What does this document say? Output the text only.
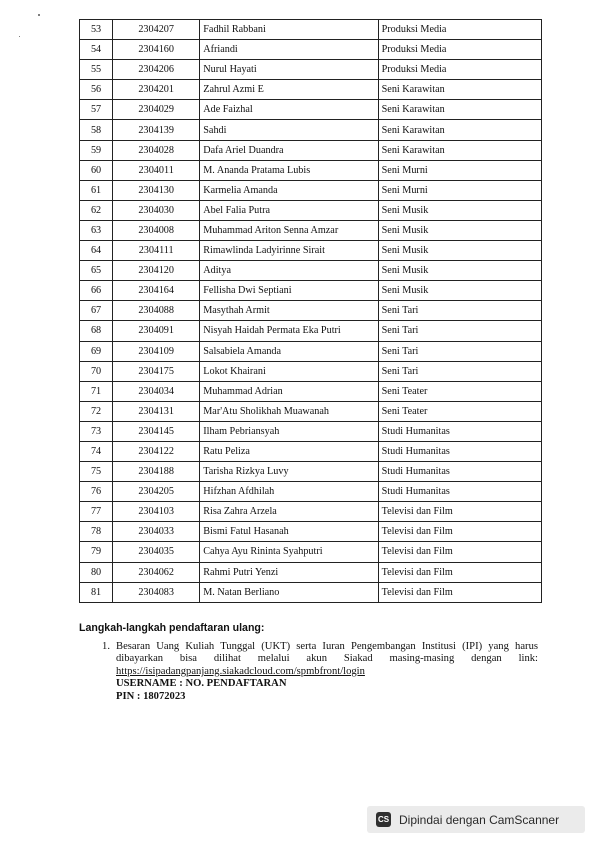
53	2304207	Fadhil Rabbani	Produksi Media
54	2304160	Afriandi	Produksi Media
55	2304206	Nurul Hayati	Produksi Media
56	2304201	Zahrul Azmi E	Seni Karawitan
57	2304029	Ade Faizhal	Seni Karawitan
58	2304139	Sahdi	Seni Karawitan
59	2304028	Dafa Ariel Duandra	Seni Karawitan
60	2304011	M. Ananda Pratama Lubis	Seni Murni
61	2304130	Karmelia Amanda	Seni Murni
62	2304030	Abel Falia Putra	Seni Musik
63	2304008	Muhammad Ariton Senna Amzar	Seni Musik
64	2304111	Rimawlinda Ladyirinne Sirait	Seni Musik
65	2304120	Aditya	Seni Musik
66	2304164	Fellisha Dwi Septiani	Seni Musik
67	2304088	Masythah Armit	Seni Tari
68	2304091	Nisyah Haidah Permata Eka Putri	Seni Tari
69	2304109	Salsabiela Amanda	Seni Tari
70	2304175	Lokot Khairani	Seni Tari
71	2304034	Muhammad Adrian	Seni Teater
72	2304131	Mar'Atu Sholikhah Muawanah	Seni Teater
73	2304145	Ilham Pebriansyah	Studi Humanitas
74	2304122	Ratu Peliza	Studi Humanitas
75	2304188	Tarisha Rizkya Luvy	Studi Humanitas
76	2304205	Hifzhan Afdhilah	Studi Humanitas
77	2304103	Risa Zahra Arzela	Televisi dan Film
78	2304033	Bismi Fatul Hasanah	Televisi dan Film
79	2304035	Cahya Ayu Rininta Syahputri	Televisi dan Film
80	2304062	Rahmi Putri Yenzi	Televisi dan Film
81	2304083	M. Natan Berliano	Televisi dan Film
Langkah-langkah pendaftaran ulang:
1. Besaran Uang Kuliah Tunggal (UKT) serta Iuran Pengembangan Institusi (IPI) yang harus dibayarkan bisa dilihat melalui akun Siakad masing-masing dengan link:
https://isipadangpanjang.siakadcloud.com/spmbfront/login
USERNAME : NO. PENDAFTARAN
PIN : 18072023
CS Dipindai dengan CamScanner
